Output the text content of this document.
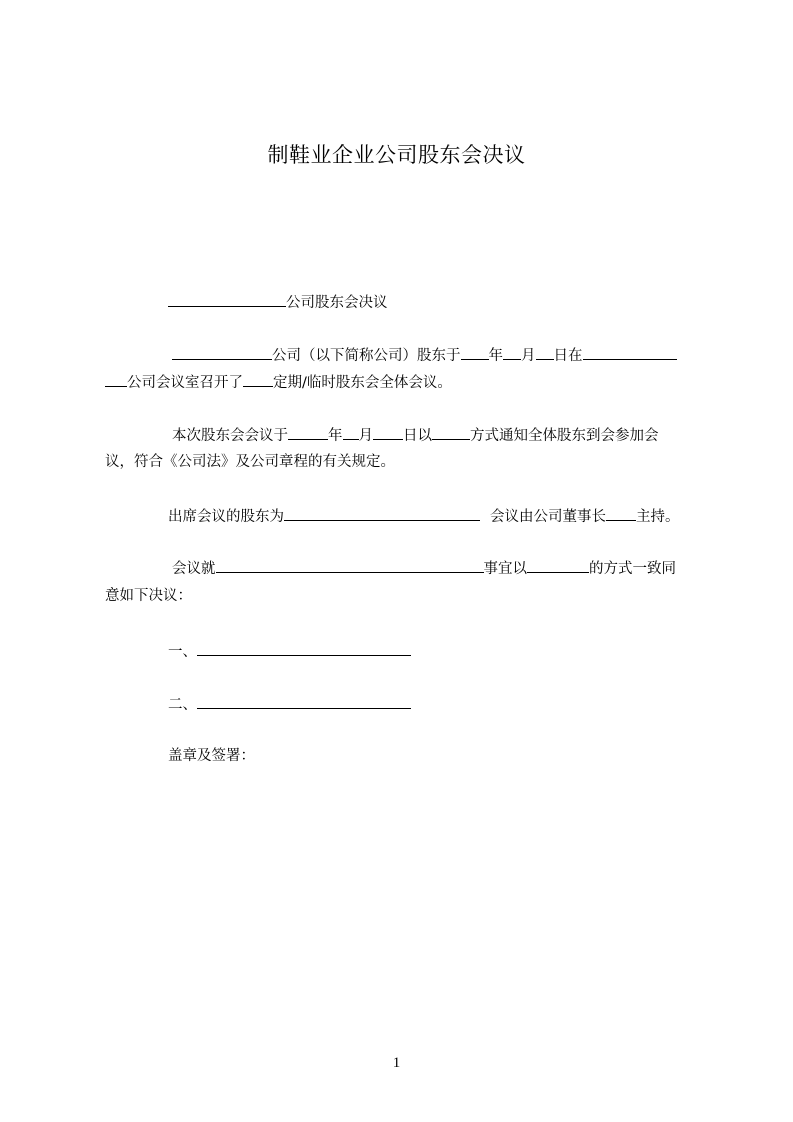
制鞋业企业公司股东会决议
公司股东会决议
公司（以下简称公司）股东于 年 月 日在
公司会议室召开了 定期/临时股东会全体会议。
本次股东会会议于	年 月 日以	方式通知全体股东到会参加会
议，符合《公司法》及公司章程的有关规定。
出席会议的股东为	会议由公司董事长 主持。
会议就	事宜以	的方式一致同
意如下决议：
一、
二、
盖章及签署：
1
